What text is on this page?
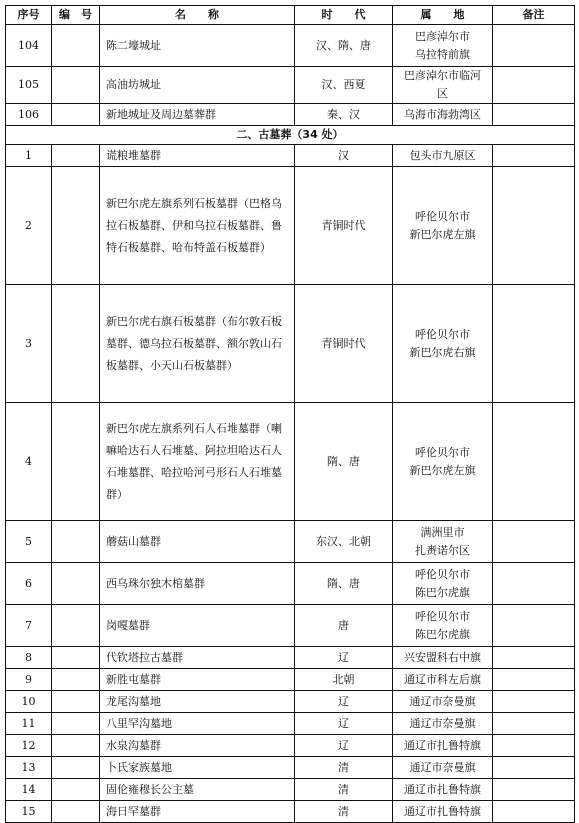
序号	编　号	名　　称	时　　代	属　　地	备注
104		陈二壕城址	汉、隋、唐	巴彦淖尔市
乌拉特前旗	

105		高油坊城址	汉、西夏	巴彦淖尔市临河区	

106		新地城址及周边墓葬群	秦、汉	乌海市海勃湾区	

二、古墓葬（34 处）					
1		谎粮堆墓群	汉	包头市九原区	

2		新巴尔虎左旗系列石板墓群（巴格乌拉石板墓群、伊和乌拉石板墓群、鲁特石板墓群、哈布特盖石板墓群）	青铜时代	呼伦贝尔市
新巴尔虎左旗	

3		新巴尔虎右旗石板墓群（布尔敦石板墓群、德乌拉石板墓群、额尔敦山石板墓群、小天山石板墓群）	青铜时代	呼伦贝尔市
新巴尔虎右旗	

4		新巴尔虎左旗系列石人石堆墓群（喇嘛哈达石人石堆墓、阿拉坦哈达石人石堆墓群、哈拉哈河弓形石人石堆墓群）	隋、唐	呼伦贝尔市
新巴尔虎左旗	

5		蘑菇山墓群	东汉、北朝	满洲里市
扎赉诺尔区	

6		西乌珠尔独木棺墓群	隋、唐	呼伦贝尔市
陈巴尔虎旗	

7		岗嘎墓群	唐	呼伦贝尔市
陈巴尔虎旗	

8		代钦塔拉古墓群	辽	兴安盟科右中旗	

9		新胜屯墓群	北朝	通辽市科左后旗	

10		龙尾沟墓地	辽	通辽市奈曼旗	

11		八里罕沟墓地	辽	通辽市奈曼旗	

12		水泉沟墓群	辽	通辽市扎鲁特旗	

13		卜氏家族墓地	清	通辽市奈曼旗	

14		固伦雍穆长公主墓	清	通辽市扎鲁特旗	

15		海日罕墓群	清	通辽市扎鲁特旗	
